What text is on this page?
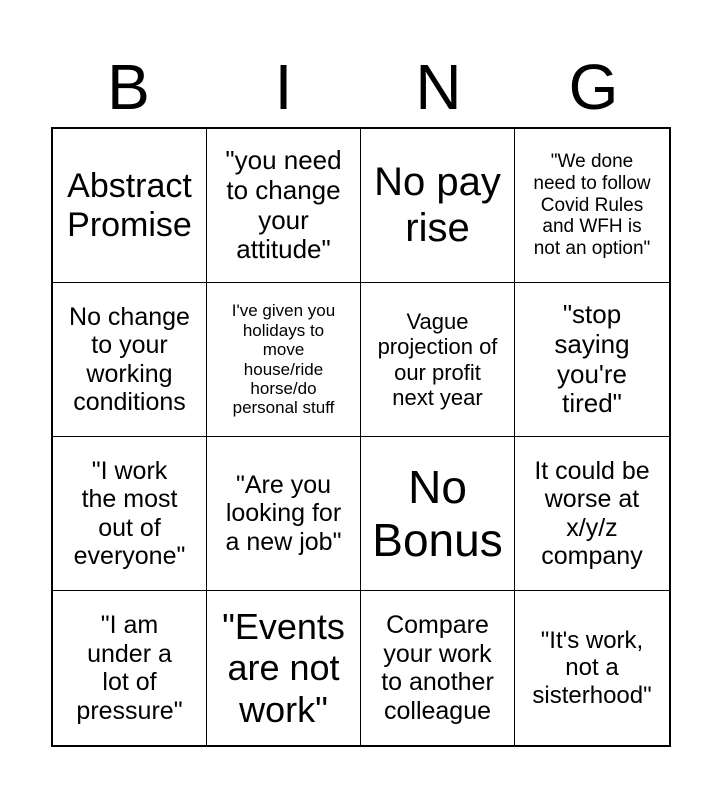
B	I	N	G
Abstract
Promise
"you need
to change
your
attitude"
No pay
rise
"We done
need to follow
Covid Rules
and WFH is
not an option"
No change
to your
working
conditions
I've given you
holidays to
move
house/ride
horse/do
personal stuff
Vague
projection of
our profit
next year
"stop
saying
you're
tired"
"I work
the most
out of
everyone"
"Are you
looking for
a new job"
No
Bonus
It could be
worse at
x/y/z
company
"I am
under a
lot of
pressure"
"Events
are not
work"
Compare
your work
to another
colleague
"It's work,
not a
sisterhood"
